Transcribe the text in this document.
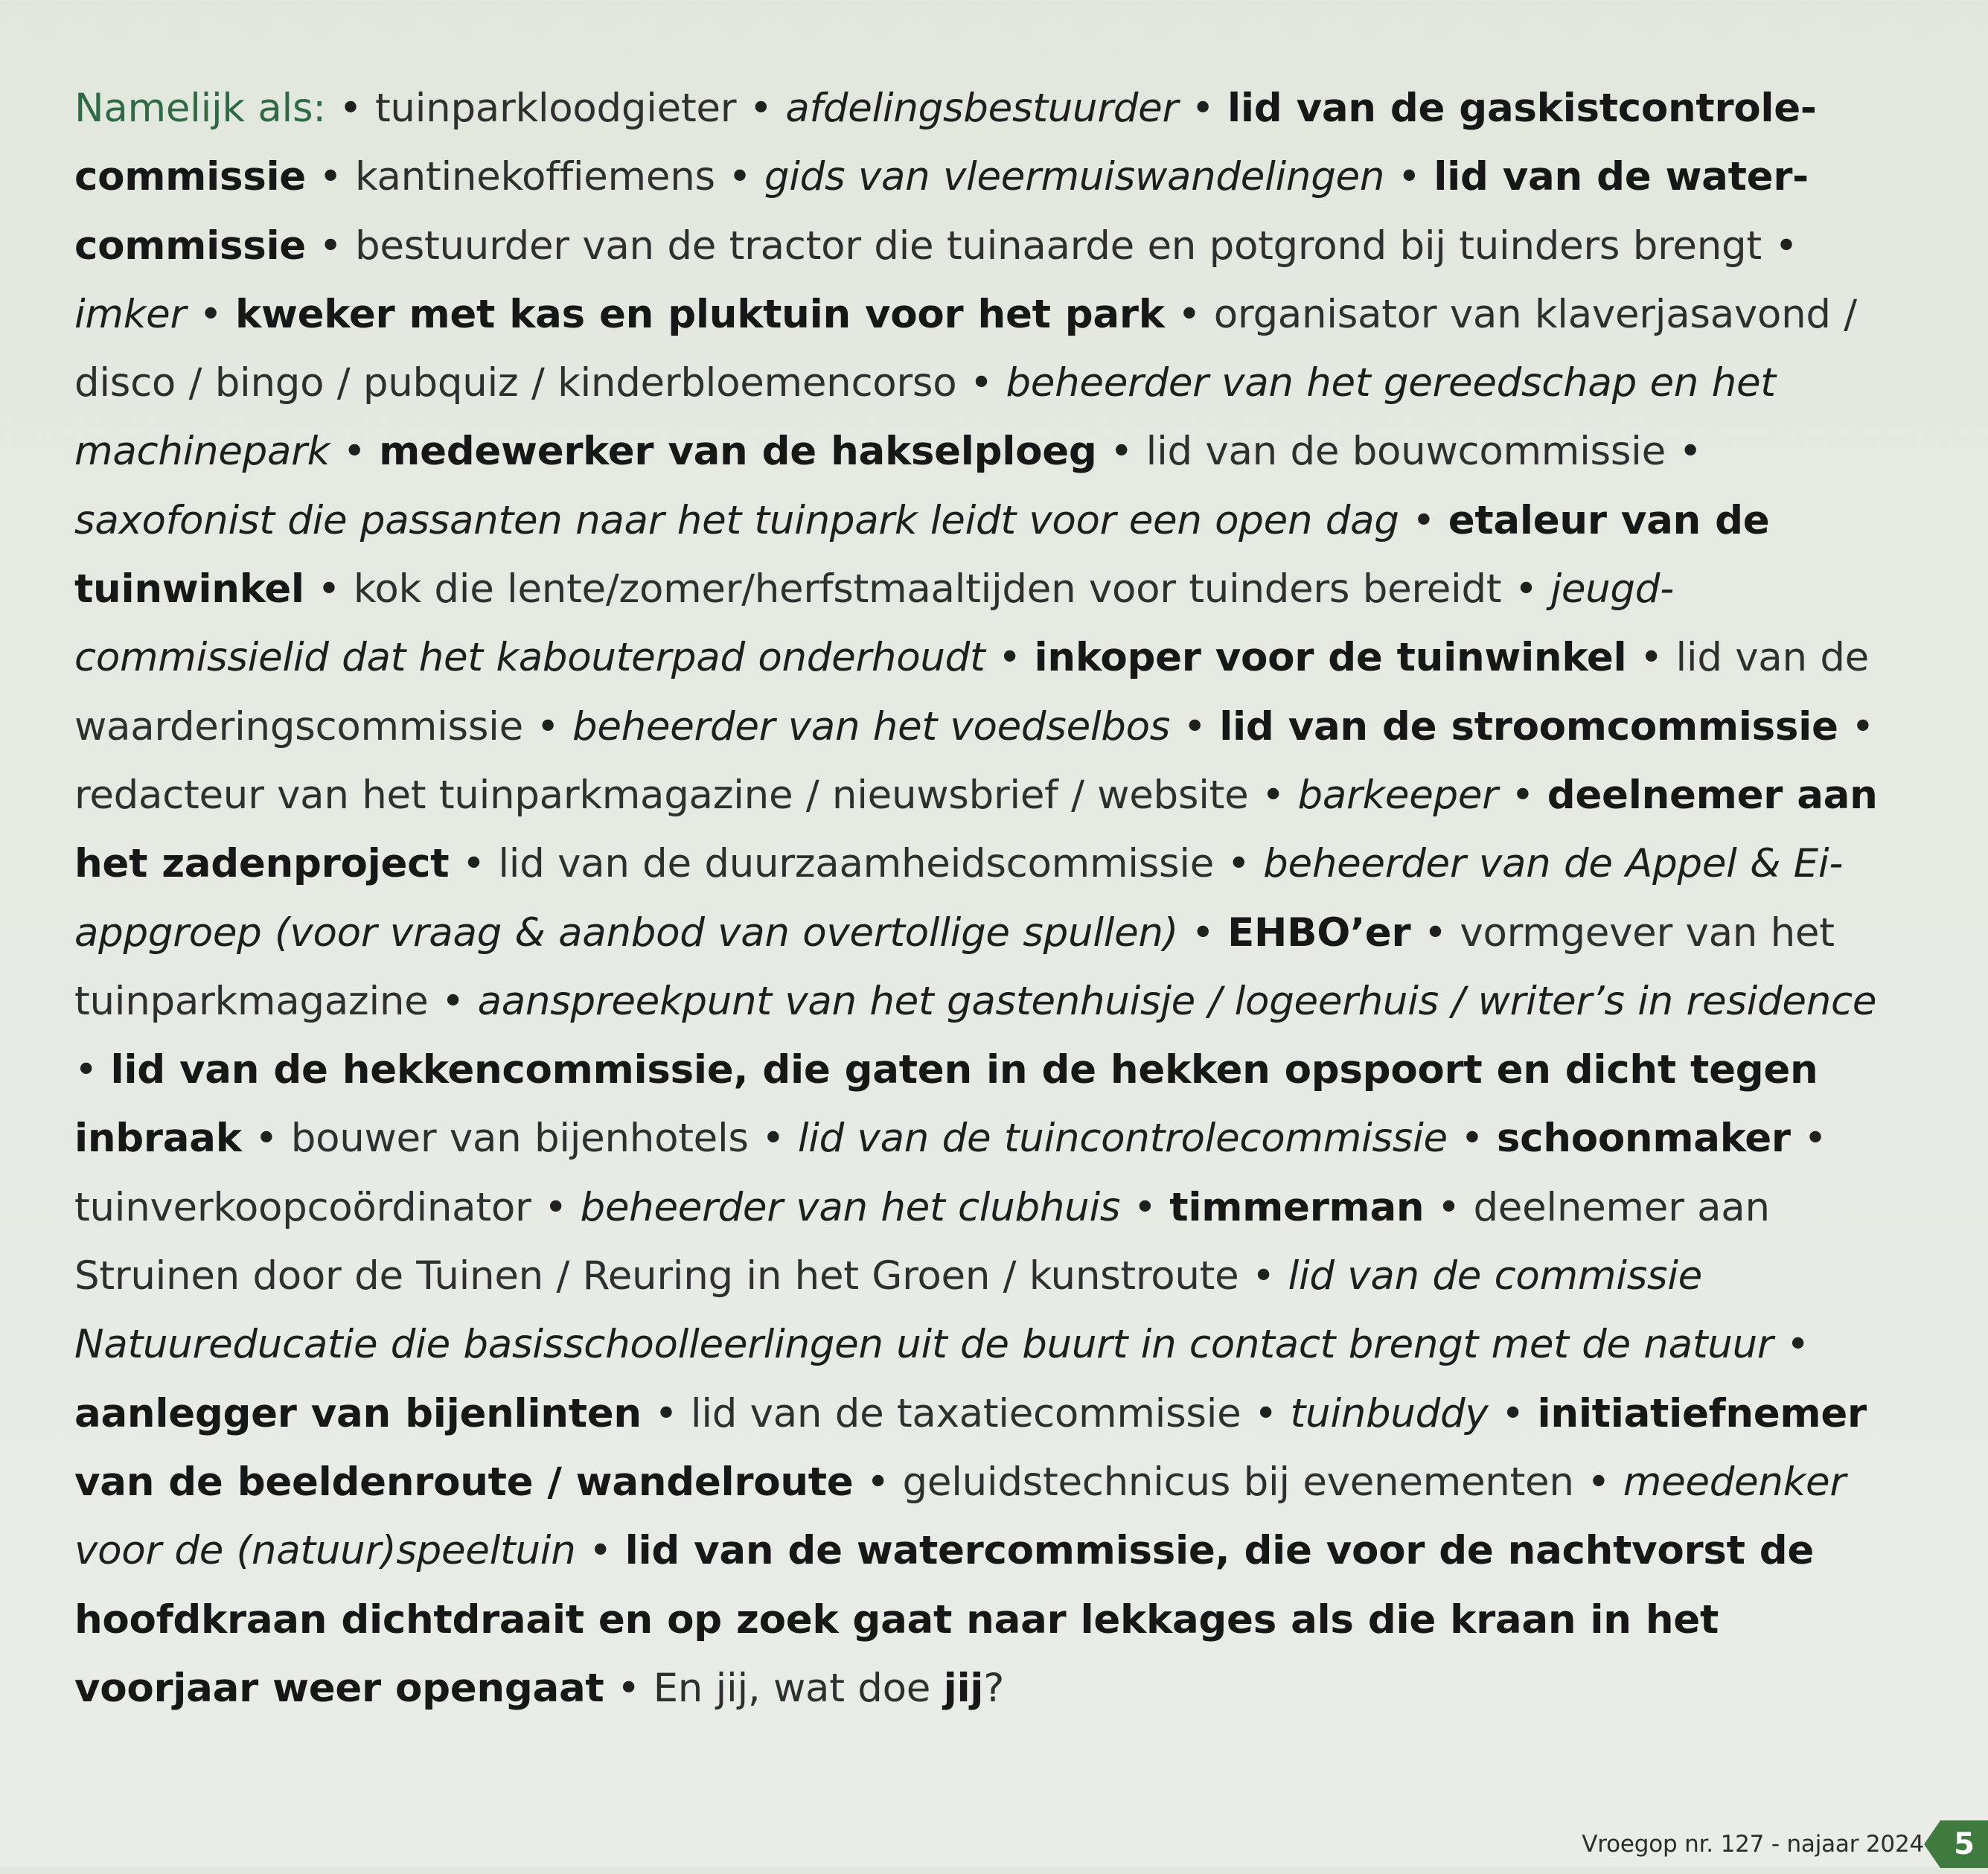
Namelijk als: • tuinparkloodgieter • afdelingsbestuurder • lid van de gaskistcontrolecommissie • kantinekoffiemens • gids van vleermuiswandelingen • lid van de watercommissie • bestuurder van de tractor die tuinaarde en potgrond bij tuinders brengt • imker • kweker met kas en pluktuin voor het park • organisator van klaverjasavond / disco / bingo / pubquiz / kinderbloemencorso • beheerder van het gereedschap en het machinepark • medewerker van de hakselploeg • lid van de bouwcommissie • saxofonist die passanten naar het tuinpark leidt voor een open dag • etaleur van de tuinwinkel • kok die lente/zomer/herfstmaaltijden voor tuinders bereidt • jeugd-commissielid dat het kabouterpad onderhoudt • inkoper voor de tuinwinkel • lid van de waarderingscommissie • beheerder van het voedselbos • lid van de stroomcommissie • redacteur van het tuinparkmagazine / nieuwsbrief / website • barkeeper • deelnemer aan het zadenproject • lid van de duurzaamheidscommissie • beheerder van de Appel & Ei-appgroep (voor vraag & aanbod van overtollige spullen) • EHBO’er • vormgever van het tuinparkmagazine • aanspreekpunt van het gastenhuisje / logeerhuis / writer’s in residence • lid van de hekkencommissie, die gaten in de hekken opspoort en dicht tegen inbraak • bouwer van bijenhotels • lid van de tuincontrolecommissie • schoonmaker • tuinverkoopcoördinator • beheerder van het clubhuis • timmerman • deelnemer aan Struinen door de Tuinen / Reuring in het Groen / kunstroute • lid van de commissie Natuureducatie die basisschoolleerlingen uit de buurt in contact brengt met de natuur • aanlegger van bijenlinten • lid van de taxatiecommissie • tuinbuddy • initiatiefnemer van de beeldenroute / wandelroute • geluidstechnicus bij evenementen • meedenker voor de (natuur)speeltuin • lid van de watercommissie, die voor de nachtvorst de hoofdkraan dichtdraait en op zoek gaat naar lekkages als die kraan in het voorjaar weer opengaat • En jij, wat doe jij?

Vroegop nr. 127 - najaar 2024 5
